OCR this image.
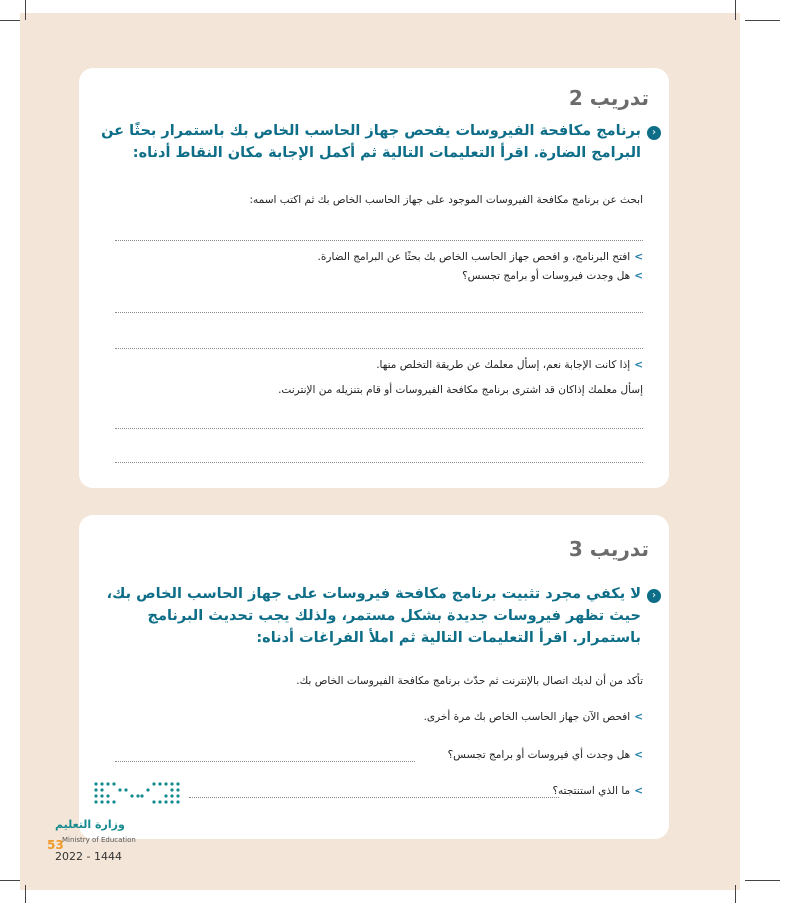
تدريب 2
‹
برنامج مكافحة الفيروسات يفحص جهاز الحاسب الخاص بك باستمرار بحثًا عن البرامج الضارة. اقرأ التعليمات التالية ثم أكمل الإجابة مكان النقاط أدناه:
ابحث عن برنامج مكافحة الفيروسات الموجود على جهاز الحاسب الخاص بك ثم اكتب اسمه:
>افتح البرنامج، و افحص جهاز الحاسب الخاص بك بحثًا عن البرامج الضارة.
>هل وجدت فيروسات أو برامج تجسس؟
>إذا كانت الإجابة نعم، إسأل معلمك عن طريقة التخلص منها.
إسأل معلمك إذاكان قد اشترى برنامج مكافحة الفيروسات أو قام بتنزيله من الإنترنت.
تدريب 3
‹
لا يكفي مجرد تثبيت برنامج مكافحة فيروسات على جهاز الحاسب الخاص بك، حيث تظهر فيروسات جديدة بشكل مستمر، ولذلك يجب تحديث البرنامج باستمرار. اقرأ التعليمات التالية ثم املأ الفراغات أدناه:
تأكد من أن لديك اتصال بالإنترنت ثم حدّث برنامج مكافحة الفيروسات الخاص بك.
>افحص الآن جهاز الحاسب الخاص بك مرة أخرى.
>هل وجدت أي فيروسات أو برامج تجسس؟
>ما الذي استنتجته؟
وزارة التعليم
Ministry of Education
53
2022 - 1444
